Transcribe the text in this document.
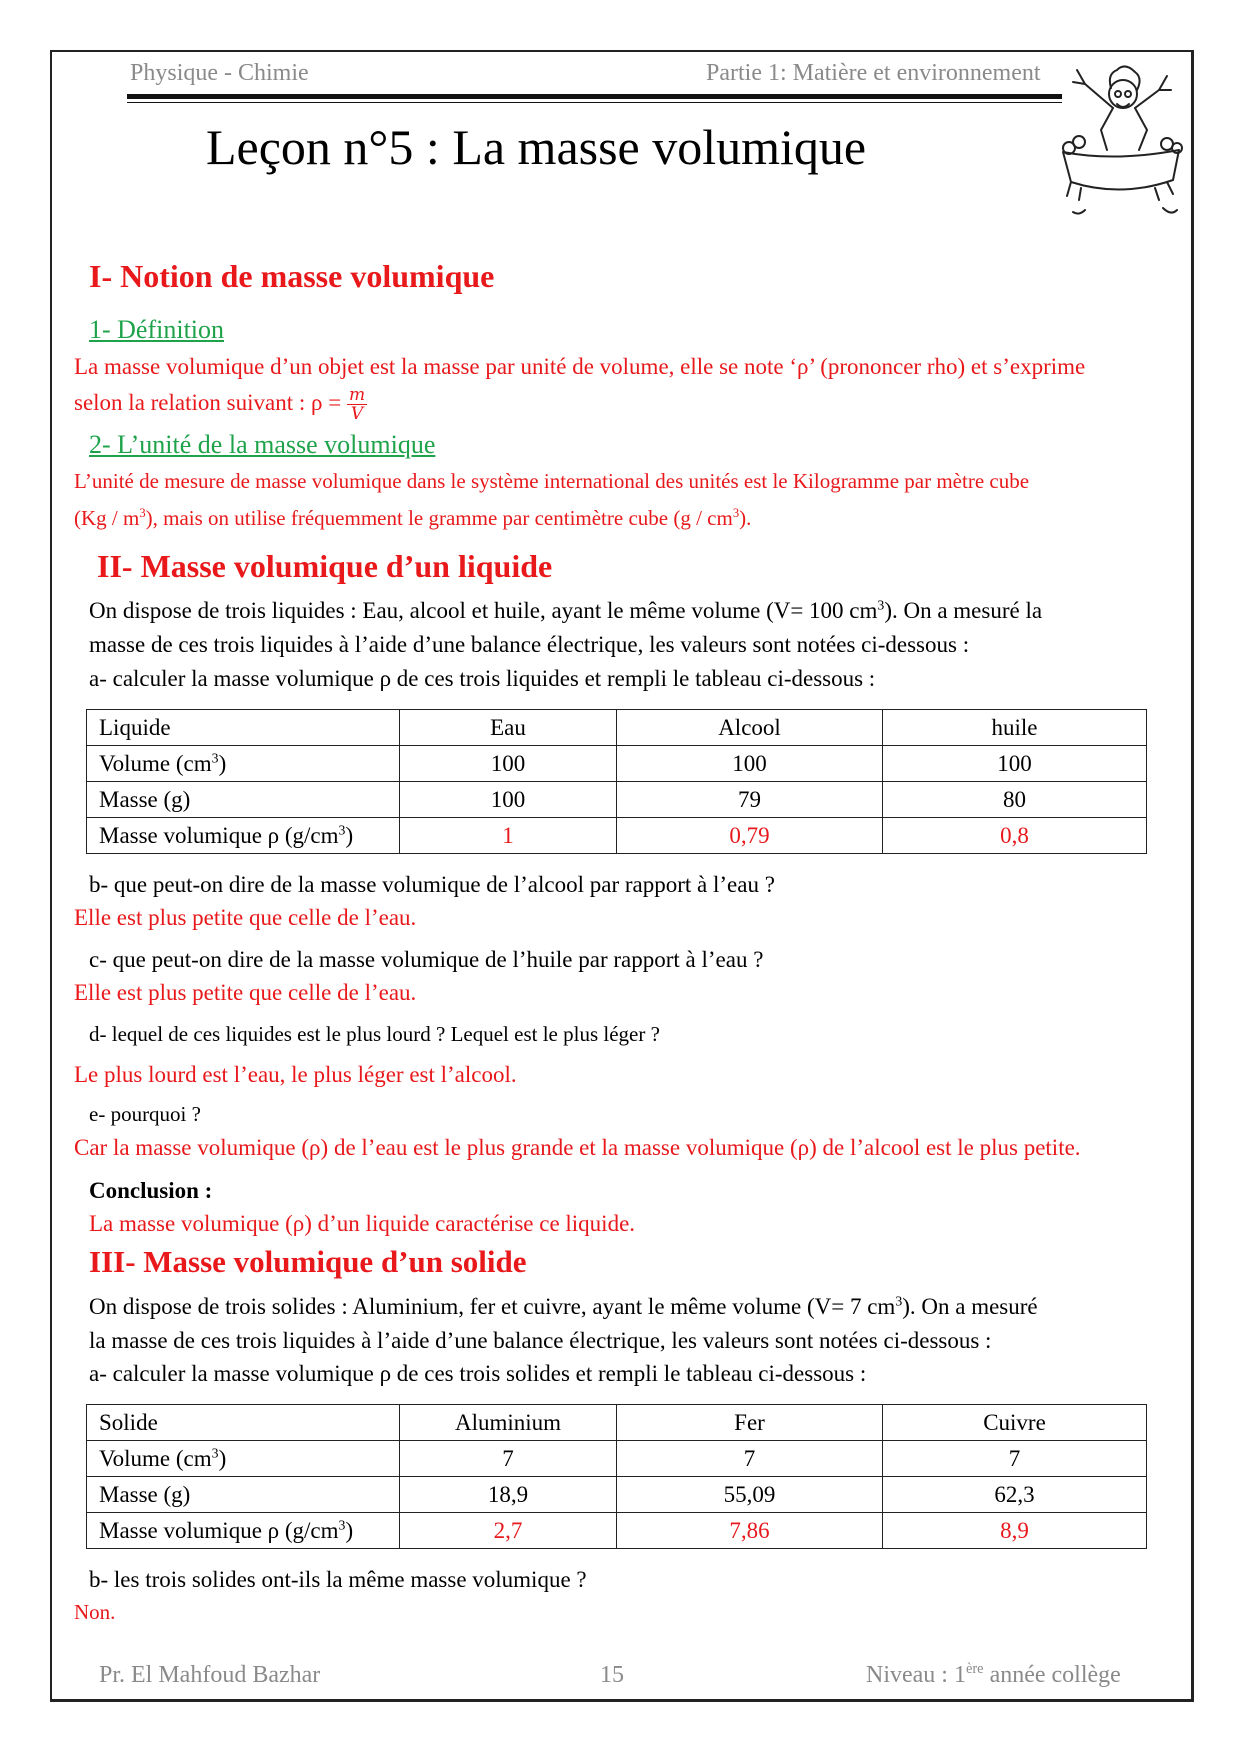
Physique - Chimie	Partie 1: Matière et environnement
Leçon n°5 : La masse volumique
I- Notion de masse volumique
1- Définition
La masse volumique d’un objet est la masse par unité de volume, elle se note ‘ρ’ (prononcer rho) et s’exprime
selon la relation suivant : $\rho = \frac{m}{V}$
2- L’unité de la masse volumique
L’unité de mesure de masse volumique dans le système international des unités est le Kilogramme par mètre cube
$(Kg / m^3)$, mais on utilise fréquemment le gramme par centimètre cube $(g / cm^3)$.
II- Masse volumique d’un liquide
On dispose de trois liquides : Eau, alcool et huile, ayant le même volume (V= 100 $cm^3$). On a mesuré la
masse de ces trois liquides à l’aide d’une balance électrique, les valeurs sont notées ci-dessous :
a- calculer la masse volumique ρ de ces trois liquides et rempli le tableau ci-dessous :
Liquide	Eau	Alcool	huile
Volume $(cm^3)$	100	100	100
Masse (g)	100	79	80
Masse volumique ρ $(g/cm^3)$	1	0,79	0,8
b- que peut-on dire de la masse volumique de l’alcool par rapport à l’eau ?
Elle est plus petite que celle de l’eau.
c- que peut-on dire de la masse volumique de l’huile par rapport à l’eau ?
Elle est plus petite que celle de l’eau.
d- lequel de ces liquides est le plus lourd ? Lequel est le plus léger ?
Le plus lourd est l’eau, le plus léger est l’alcool.
e- pourquoi ?
Car la masse volumique (ρ) de l’eau est le plus grande et la masse volumique (ρ) de l’alcool est le plus petite.
Conclusion :
La masse volumique (ρ) d’un liquide caractérise ce liquide.
III- Masse volumique d’un solide
On dispose de trois solides : Aluminium, fer et cuivre, ayant le même volume (V= 7 $cm^3$). On a mesuré
la masse de ces trois liquides à l’aide d’une balance électrique, les valeurs sont notées ci-dessous :
a- calculer la masse volumique ρ de ces trois solides et rempli le tableau ci-dessous :
Solide	Aluminium	Fer	Cuivre
Volume $(cm^3)$	7	7	7
Masse (g)	18,9	55,09	62,3
Masse volumique ρ $(g/cm^3)$	2,7	7,86	8,9
b- les trois solides ont-ils la même masse volumique ?
Non.
Pr. El Mahfoud Bazhar	15	Niveau : 1ère année collège
